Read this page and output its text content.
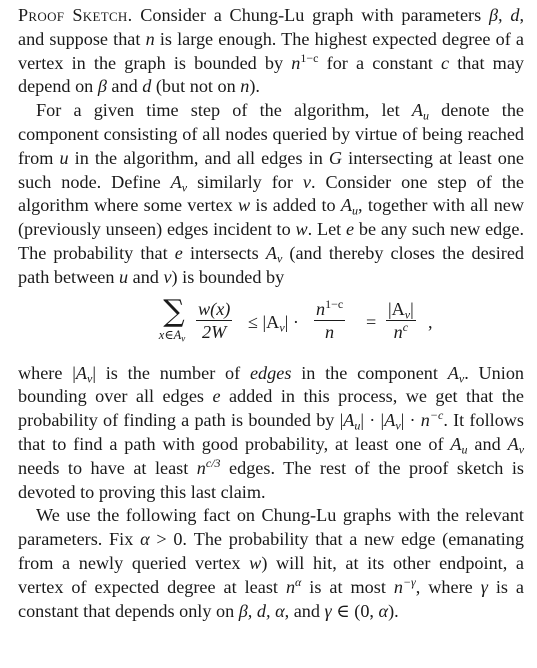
Proof Sketch. Consider a Chung-Lu graph with parameters β, d, and suppose that n is large enough. The highest expected degree of a vertex in the graph is bounded by $n^{1-c}$ for a constant c that may depend on β and d (but not on n).

For a given time step of the algorithm, let $A_u$ denote the component consisting of all nodes queried by virtue of being reached from u in the algorithm, and all edges in G intersecting at least one such node. Define $A_v$ similarly for v. Consider one step of the algorithm where some vertex w is added to $A_u$, together with all new (previously unseen) edges incident to w. Let e be any such new edge. The probability that e intersects $A_v$ (and thereby closes the desired path between u and v) is bounded by

∑
$x\in A_v \frac{w(x)}{2W} \le |A_v| \cdot \frac{n^{1-c}}{n} = \frac{|A_v|}{n^c}$ ,

where $|A_v|$ is the number of edges in the component $A_v$. Union bounding over all edges e added in this process, we get that the probability of finding a path is bounded by $|A_u| \cdot |A_v| \cdot n^{-c}$. It follows that to find a path with good probability, at least one of $A_u$ and $A_v$ needs to have at least $n^{c/3}$ edges. The rest of the proof sketch is devoted to proving this last claim.

We use the following fact on Chung-Lu graphs with the relevant parameters. Fix α > 0. The probability that a new edge (emanating from a newly queried vertex w) will hit, at its other endpoint, a vertex of expected degree at least $n^\alpha$ is at most $n^{-\gamma}$, where γ is a constant that depends only on β, d, α, and γ ∈ (0, α).
